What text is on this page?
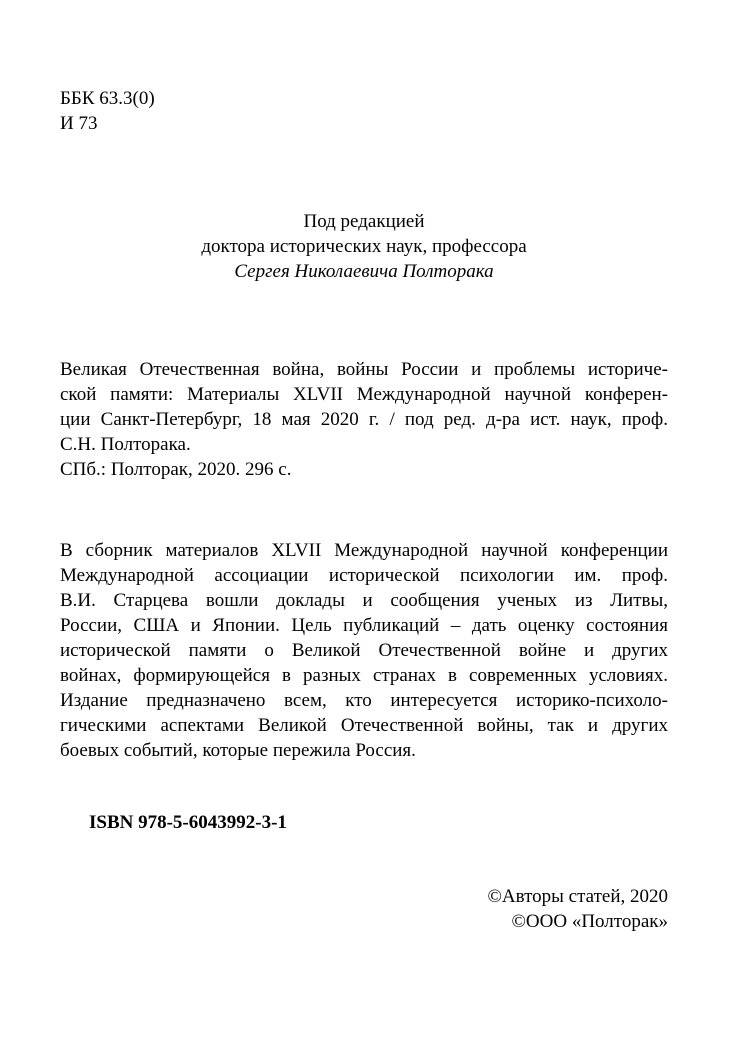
ББК 63.3(0)
И 73
Под редакцией
доктора исторических наук, профессора
Сергея Николаевича Полторака
Великая Отечественная война, войны России и проблемы историче-
ской памяти: Материалы XLVII Международной научной конферен-
ции Санкт-Петербург, 18 мая 2020 г. / под ред. д-ра ист. наук, проф.
С.Н. Полторака.
СПб.: Полторак, 2020. 296 с.
В сборник материалов XLVII Международной научной конференции
Международной ассоциации исторической психологии им. проф.
В.И. Старцева вошли доклады и сообщения ученых из Литвы,
России, США и Японии. Цель публикаций – дать оценку состояния
исторической памяти о Великой Отечественной войне и других
войнах, формирующейся в разных странах в современных условиях.
Издание предназначено всем, кто интересуется историко-психоло-
гическими аспектами Великой Отечественной войны, так и других
боевых событий, которые пережила Россия.
ISBN 978-5-6043992-3-1
©Авторы статей, 2020
©ООО «Полторак»
